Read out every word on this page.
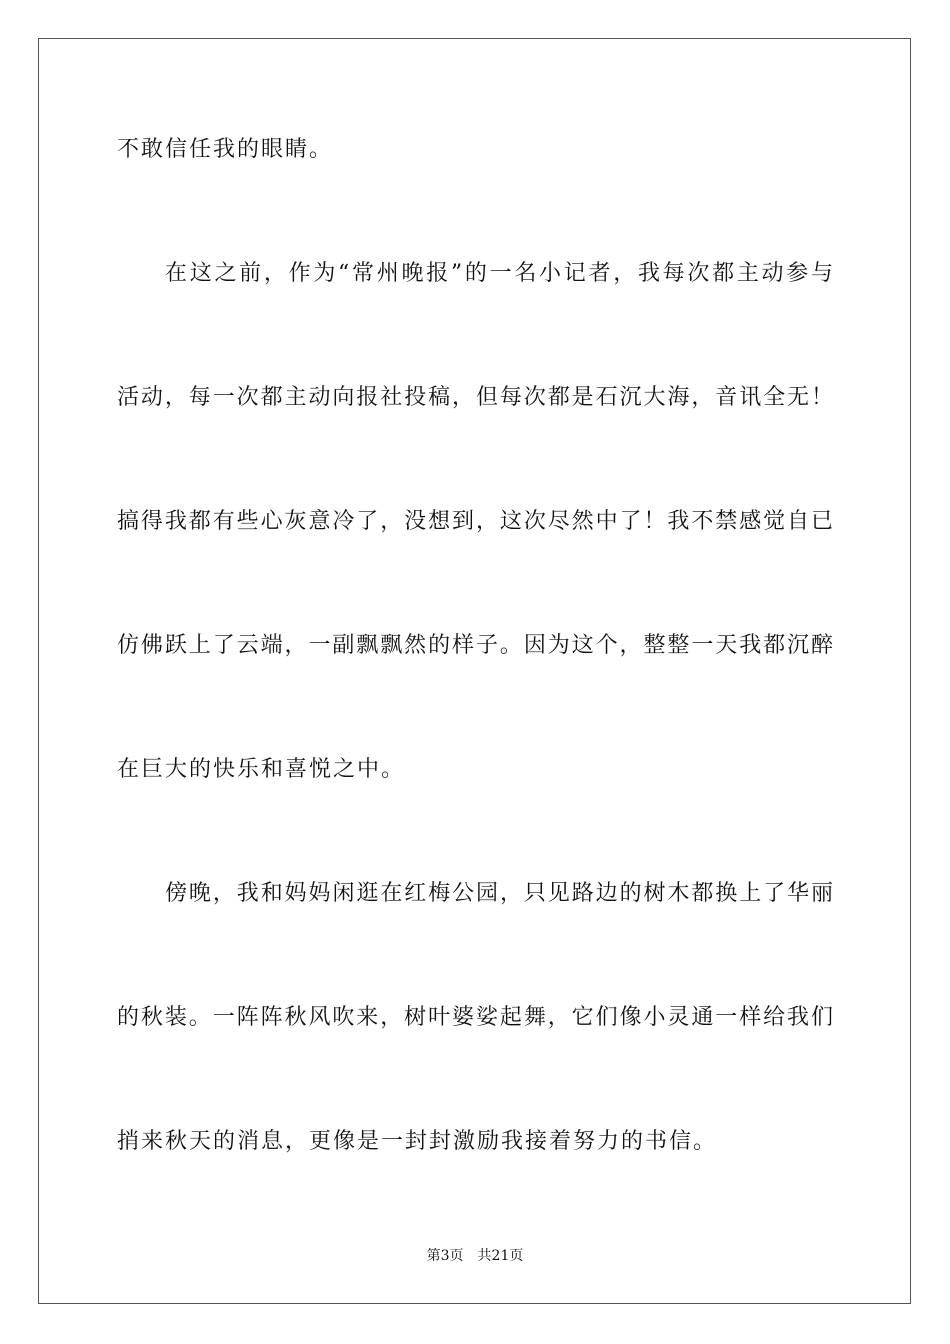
不敢信任我的眼睛。
在这之前，作为“常州晚报”的一名小记者，我每次都主动参与
活动，每一次都主动向报社投稿，但每次都是石沉大海，音讯全无！
搞得我都有些心灰意冷了，没想到，这次尽然中了！我不禁感觉自已
仿佛跃上了云端，一副飘飘然的样子。因为这个，整整一天我都沉醉
在巨大的快乐和喜悦之中。
傍晚，我和妈妈闲逛在红梅公园，只见路边的树木都换上了华丽
的秋装。一阵阵秋风吹来，树叶婆娑起舞，它们像小灵通一样给我们
捎来秋天的消息，更像是一封封激励我接着努力的书信。
第3页 共21页
